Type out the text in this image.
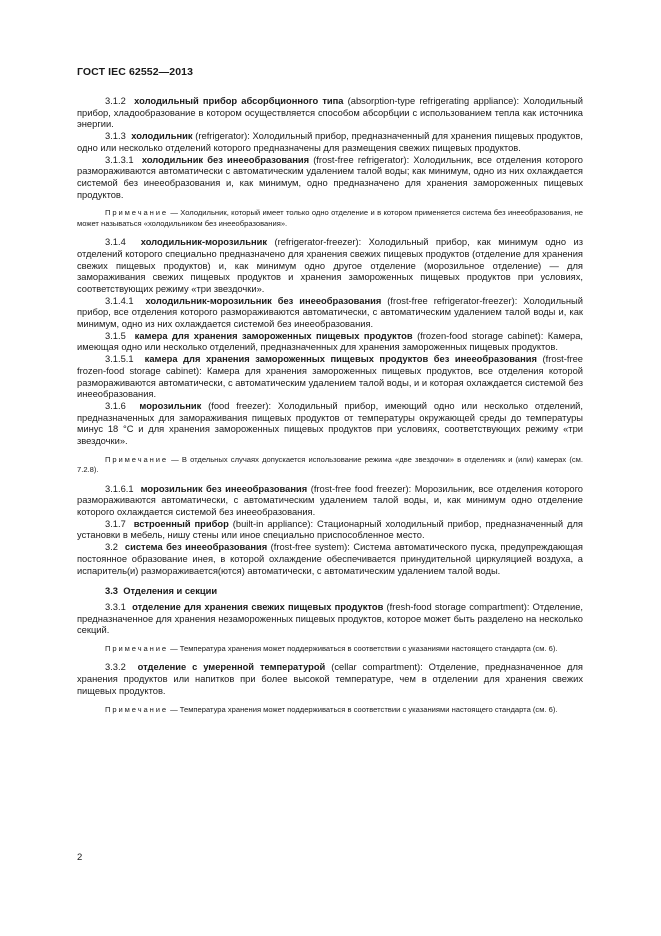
ГОСТ IEC 62552—2013

3.1.2 холодильный прибор абсорбционного типа (absorption-type refrigerating appliance): Холодильный прибор, хладообразование в котором осуществляется способом абсорбции с использованием тепла как источника энергии.

3.1.3 холодильник (refrigerator): Холодильный прибор, предназначенный для хранения пищевых продуктов, одно или несколько отделений которого предназначены для размещения свежих пищевых продуктов.

3.1.3.1 холодильник без инеeобразования (frost-free refrigerator): Холодильник, все отделения которого размораживаются автоматически с автоматическим удалением талой воды; как минимум, одно из них охлаждается системой без инеeобразования и, как минимум, одно предназначено для хранения замороженных пищевых продуктов.

Примечание — Холодильник, который имеет только одно отделение и в котором применяется система без инеeобразования, не может называться «холодильником без инеeобразования».

3.1.4 холодильник-морозильник (refrigerator-freezer): Холодильный прибор, как минимум одно из отделений которого специально предназначено для хранения свежих пищевых продуктов (отделение для хранения свежих пищевых продуктов) и, как минимум одно другое отделение (морозильное отделение) — для замораживания свежих пищевых продуктов и хранения замороженных пищевых продуктов при условиях, соответствующих режиму «три звездочки».

3.1.4.1 холодильник-морозильник без инеeобразования (frost-free refrigerator-freezer): Холодильный прибор, все отделения которого размораживаются автоматически, с автоматическим удалением талой воды и, как минимум, одно из них охлаждается системой без инеeобразования.

3.1.5 камера для хранения замороженных пищевых продуктов (frozen-food storage cabinet): Камера, имеющая одно или несколько отделений, предназначенных для хранения замороженных пищевых продуктов.

3.1.5.1 камера для хранения замороженных пищевых продуктов без инеeобразования (frost-free frozen-food storage cabinet): Камера для хранения замороженных пищевых продуктов, все отделения которой размораживаются автоматически, с автоматическим удалением талой воды, и и которая охлаждается системой без инеeобразования.

3.1.6 морозильник (food freezer): Холодильный прибор, имеющий одно или несколько отделений, предназначенных для замораживания пищевых продуктов от температуры окружающей среды до температуры минус 18 °С и для хранения замороженных пищевых продуктов при условиях, соответствующих режиму «три звездочки».

Примечание — В отдельных случаях допускается использование режима «две звездочки» в отделениях и (или) камерах (см. 7.2.8).

3.1.6.1 морозильник без инеeобразования (frost-free food freezer): Морозильник, все отделения которого размораживаются автоматически, с автоматическим удалением талой воды, и, как минимум одно отделение которого охлаждается системой без инеeобразования.

3.1.7 встроенный прибор (built-in appliance): Стационарный холодильный прибор, предназначенный для установки в мебель, нишу стены или иное специально приспособленное место.

3.2 система без инеeобразования (frost-free system): Система автоматического пуска, предупреждающая постоянное образование инея, в которой охлаждение обеспечивается принудительной циркуляцией воздуха, а испаритель(и) размораживается(ются) автоматически, с автоматическим удалением талой воды.

3.3 Отделения и секции

3.3.1 отделение для хранения свежих пищевых продуктов (fresh-food storage compartment): Отделение, предназначенное для хранения незамороженных пищевых продуктов, которое может быть разделено на несколько секций.

Примечание — Температура хранения может поддерживаться в соответствии с указаниями настоящего стандарта (см. 6).

3.3.2 отделение с умеренной температурой (cellar compartment): Отделение, предназначенное для хранения продуктов или напитков при более высокой температуре, чем в отделении для хранения свежих пищевых продуктов.

Примечание — Температура хранения может поддерживаться в соответствии с указаниями настоящего стандарта (см. 6).

2
